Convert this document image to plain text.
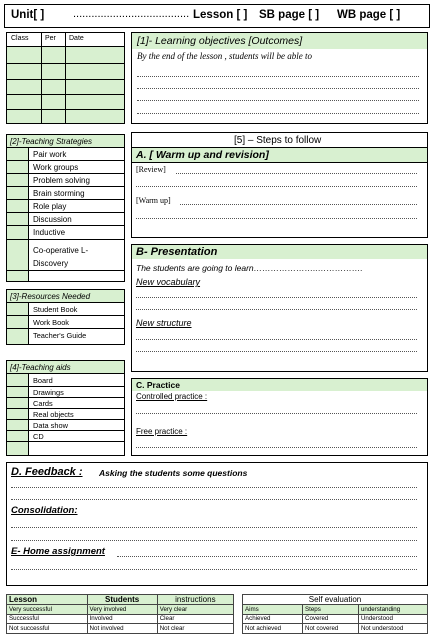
Unit[ ]	...................................... Lesson [ ] SB page [ ] WB page [ ]
Class Per Date	[1]- Learning objectives [Outcomes]
By the end of the lesson , students will be able to
[2]-Teaching Strategies
Pair work
Work groups
Problem solving
Brain storming
Role play
Discussion
Inductive
Co-operative L-
Discovery
[3]-Resources Needed
Student Book
Work Book
Teacher's Guide
[4]-Teaching aids
Board
Drawings
Cards
Real objects
Data show
CD
[5] – Steps to follow
A. [ Warm up and revision]
[Review]
[Warm up]
B- Presentation
The students are going to learn…………………..…………….
New vocabulary
New structure
C. Practice
Controlled practice :
Free practice :
D. Feedback : Asking the students some questions
Consolidation:
E- Home assignment
Lesson	Students	instructions
Very successful	Very involved	Very clear
Successful	Involved	Clear
Not successful	Not involved	Not clear
Self evaluation		
Aims	Steps	understanding
Achieved	Covered	Understood
Not achieved	Not covered	Not understood
